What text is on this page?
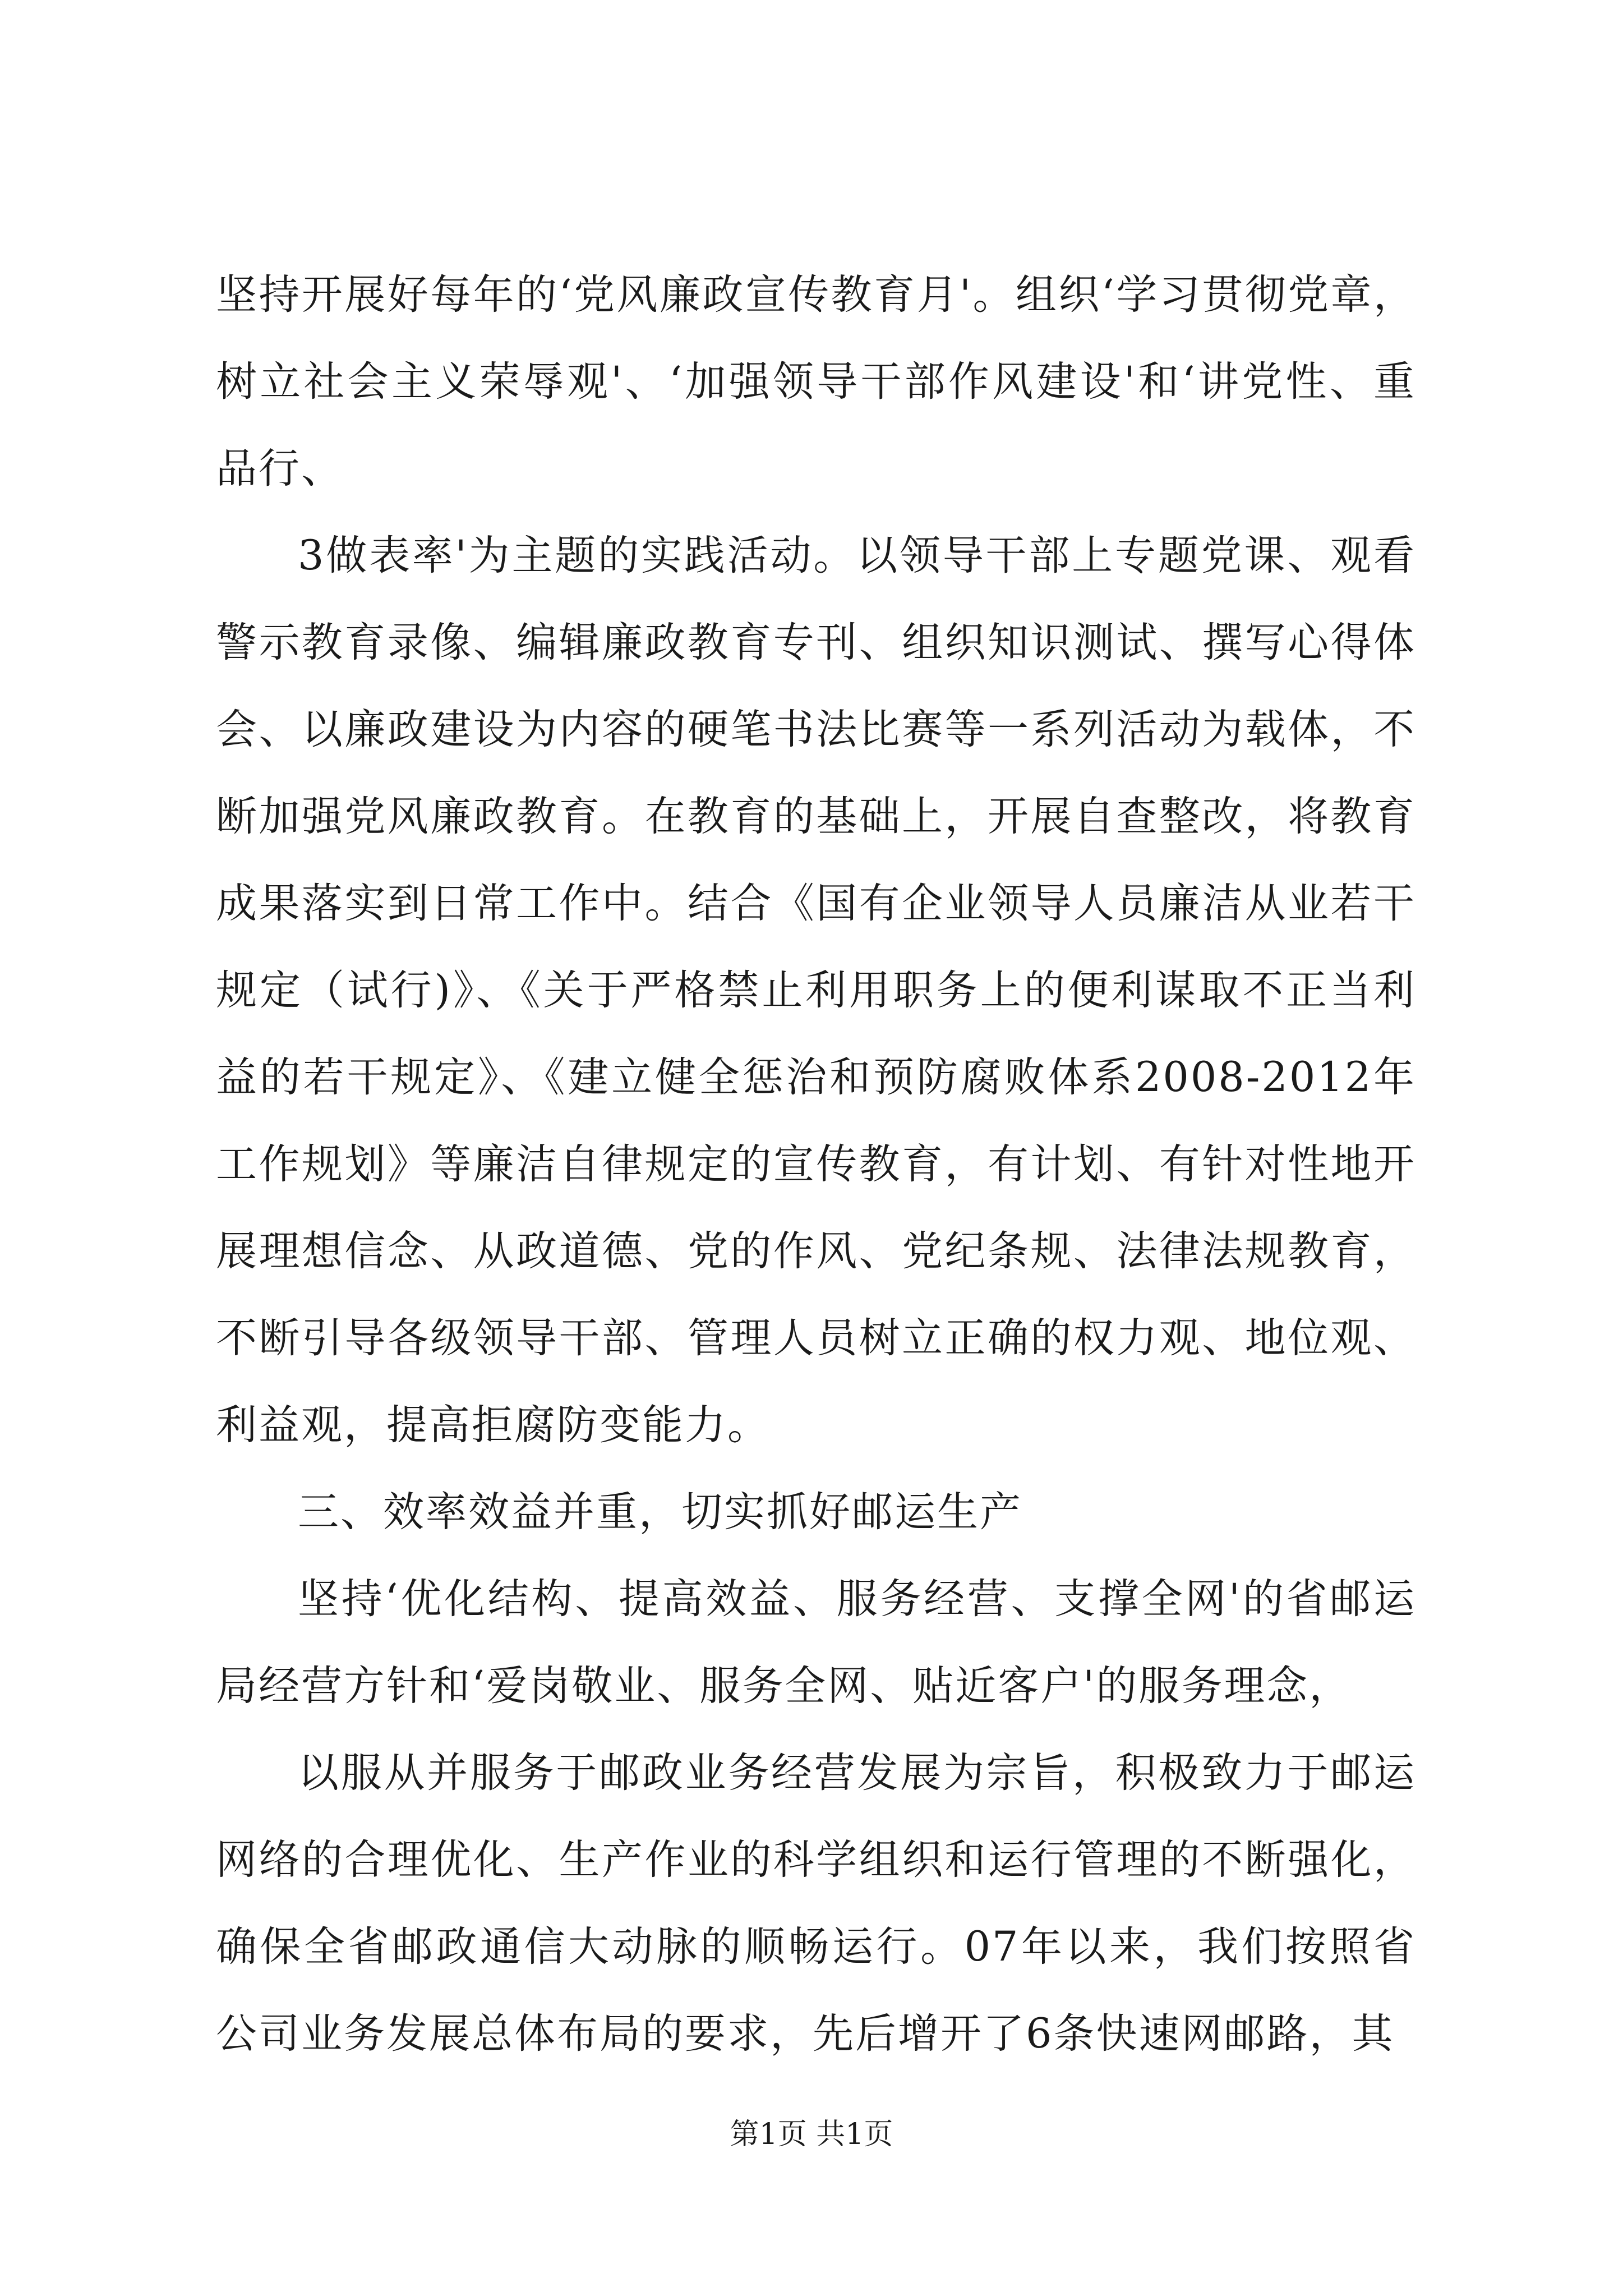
坚持开展好每年的‘党风廉政宣传教育月'。组织‘学习贯彻党章，树立社会主义荣辱观'、‘加强领导干部作风建设'和‘讲党性、重品行、

3做表率'为主题的实践活动。以领导干部上专题党课、观看警示教育录像、编辑廉政教育专刊、组织知识测试、撰写心得体会、以廉政建设为内容的硬笔书法比赛等一系列活动为载体，不断加强党风廉政教育。在教育的基础上，开展自查整改，将教育成果落实到日常工作中。结合《国有企业领导人员廉洁从业若干规定（试行)》、《关于严格禁止利用职务上的便利谋取不正当利益的若干规定》、《建立健全惩治和预防腐败体系2008-2012年工作规划》等廉洁自律规定的宣传教育，有计划、有针对性地开展理想信念、从政道德、党的作风、党纪条规、法律法规教育，不断引导各级领导干部、管理人员树立正确的权力观、地位观、利益观，提高拒腐防变能力。

三、效率效益并重，切实抓好邮运生产

坚持‘优化结构、提高效益、服务经营、支撑全网'的省邮运局经营方针和‘爱岗敬业、服务全网、贴近客户'的服务理念，

以服从并服务于邮政业务经营发展为宗旨，积极致力于邮运网络的合理优化、生产作业的科学组织和运行管理的不断强化，确保全省邮政通信大动脉的顺畅运行。07年以来，我们按照省公司业务发展总体布局的要求，先后增开了6条快速网邮路，其

第1页 共1页
